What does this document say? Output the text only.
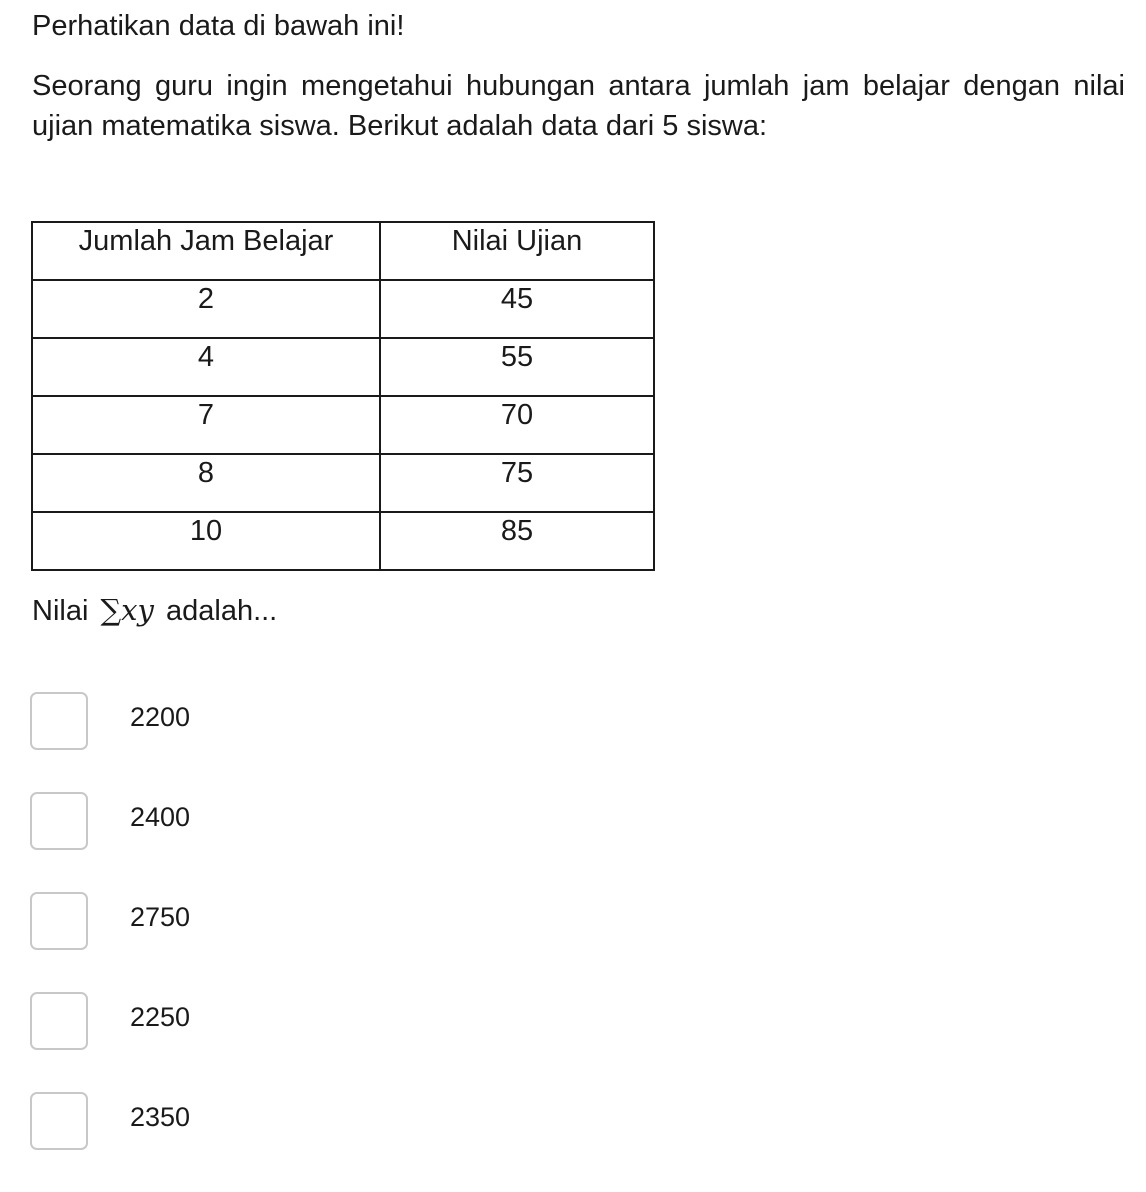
Perhatikan data di bawah ini!

Seorang guru ingin mengetahui hubungan antara jumlah jam belajar dengan nilai ujian matematika siswa. Berikut adalah data dari 5 siswa:

Jumlah Jam Belajar	Nilai Ujian
2	45
4	55
7	70
8	75
10	85

Nilai ∑xy adalah...

2200
2400
2750
2250
2350
